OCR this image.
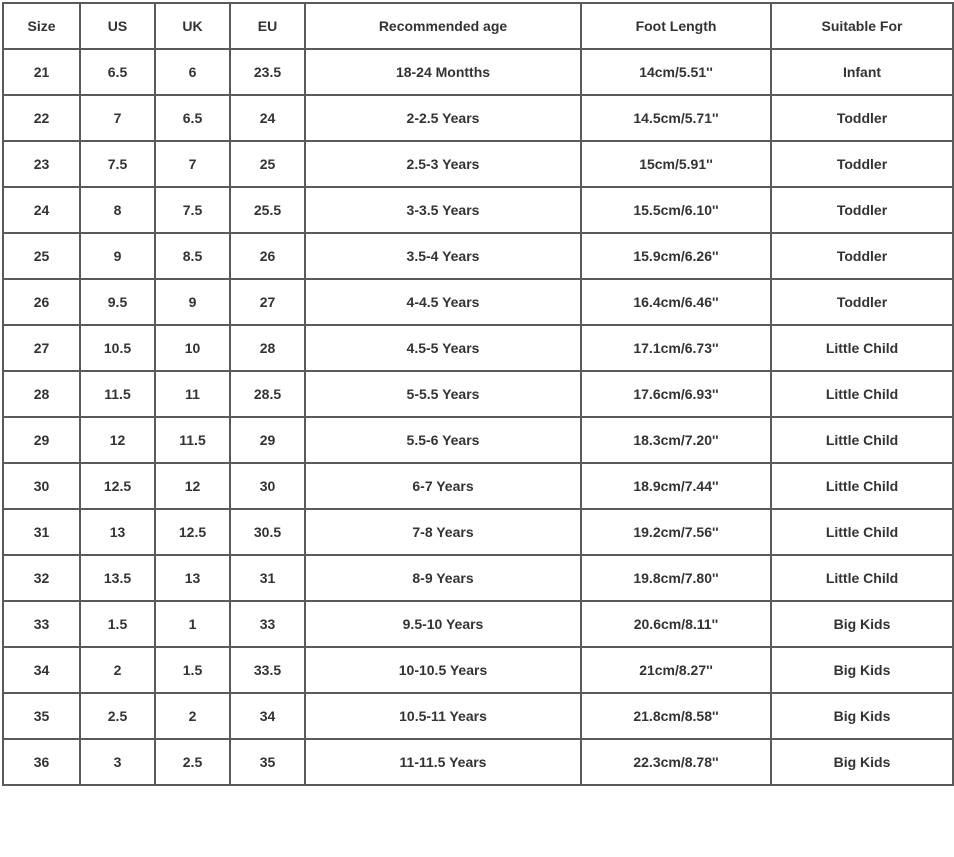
Size	US	UK	EU	Recommended age	Foot Length	Suitable For
21	6.5	6	23.5	18-24 Montths	14cm/5.51''	Infant
22	7	6.5	24	2-2.5 Years	14.5cm/5.71''	Toddler
23	7.5	7	25	2.5-3 Years	15cm/5.91''	Toddler
24	8	7.5	25.5	3-3.5 Years	15.5cm/6.10''	Toddler
25	9	8.5	26	3.5-4 Years	15.9cm/6.26''	Toddler
26	9.5	9	27	4-4.5 Years	16.4cm/6.46''	Toddler
27	10.5	10	28	4.5-5 Years	17.1cm/6.73''	Little Child
28	11.5	11	28.5	5-5.5 Years	17.6cm/6.93''	Little Child
29	12	11.5	29	5.5-6 Years	18.3cm/7.20''	Little Child
30	12.5	12	30	6-7 Years	18.9cm/7.44''	Little Child
31	13	12.5	30.5	7-8 Years	19.2cm/7.56''	Little Child
32	13.5	13	31	8-9 Years	19.8cm/7.80''	Little Child
33	1.5	1	33	9.5-10 Years	20.6cm/8.11''	Big Kids
34	2	1.5	33.5	10-10.5 Years	21cm/8.27''	Big Kids
35	2.5	2	34	10.5-11 Years	21.8cm/8.58''	Big Kids
36	3	2.5	35	11-11.5 Years	22.3cm/8.78''	Big Kids
